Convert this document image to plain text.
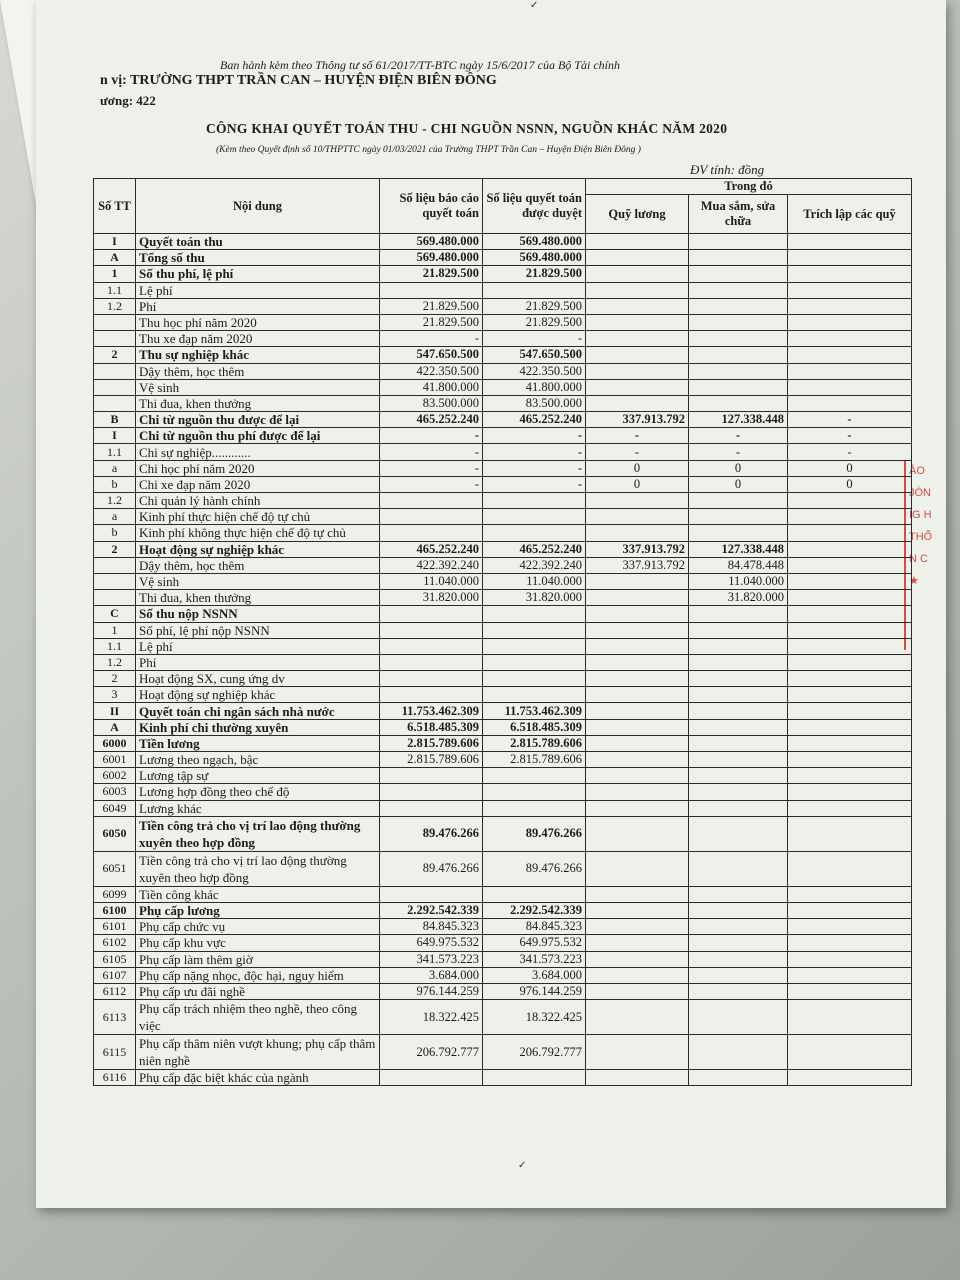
✓
ÀO
JÒN
IG H
THỐ
N C
★
✓
Ban hành kèm theo Thông tư số 61/2017/TT-BTC ngày 15/6/2017 của Bộ Tài chính
n vị: TRƯỜNG THPT TRẦN CAN – HUYỆN ĐIỆN BIÊN ĐÔNG
ương: 422
CÔNG KHAI QUYẾT TOÁN THU - CHI NGUỒN NSNN, NGUỒN KHÁC NĂM 2020
(Kèm theo Quyết định số 10/THPTTC ngày 01/03/2021 của Trường THPT Trần Can – Huyện Điện Biên Đông )
ĐV tính: đồng
Số TT	Nội dung	Số liệu báo cáo quyết toán	Số liệu quyết toán được duyệt	Trong đó		
				Quỹ lương	Mua sắm, sửa chữa	Trích lập các quỹ
I	Quyết toán thu	569.480.000	569.480.000			
A	Tổng số thu	569.480.000	569.480.000			
1	Số thu phí, lệ phí	21.829.500	21.829.500			
1.1	Lệ phí					
1.2	Phí	21.829.500	21.829.500			
	Thu học phí năm 2020	21.829.500	21.829.500			
	Thu xe đạp năm 2020	-	-			
2	Thu sự nghiệp khác	547.650.500	547.650.500			
	Dậy thêm, học thêm	422.350.500	422.350.500			
	Vệ sinh	41.800.000	41.800.000			
	Thi đua, khen thưởng	83.500.000	83.500.000			
B	Chi từ nguồn thu được để lại	465.252.240	465.252.240	337.913.792	127.338.448	-
I	Chi từ nguồn thu phí được để lại	-	-	-	-	-
1.1	Chi sự nghiệp............	-	-	-	-	-
a	Chi học phí năm 2020	-	-	0	0	0
b	Chi xe đạp năm 2020	-	-	0	0	0
1.2	Chi quản lý hành chính					
a	Kinh phí thực hiện chế độ tự chủ					
b	Kinh phí không thực hiện chế độ tự chủ					
2	Hoạt động sự nghiệp khác	465.252.240	465.252.240	337.913.792	127.338.448	
	Dậy thêm, học thêm	422.392.240	422.392.240	337.913.792	84.478.448	
	Vệ sinh	11.040.000	11.040.000		11.040.000	
	Thi đua, khen thưởng	31.820.000	31.820.000		31.820.000	
C	Số thu nộp NSNN					
1	Số phí, lệ phí nộp NSNN					
1.1	Lệ phí					
1.2	Phí					
2	Hoạt động SX, cung ứng dv					
3	Hoạt động sự nghiệp khác					
II	Quyết toán chi ngân sách nhà nước	11.753.462.309	11.753.462.309			
A	Kinh phí chi thường xuyên	6.518.485.309	6.518.485.309			
6000	Tiền lương	2.815.789.606	2.815.789.606			
6001	Lương theo ngạch, bậc	2.815.789.606	2.815.789.606			
6002	Lương tập sự					
6003	Lương hợp đồng theo chế độ					
6049	Lương khác					
6050	Tiền công trả cho vị trí lao động thường xuyên theo hợp đồng	89.476.266	89.476.266			
6051	Tiền công trả cho vị trí lao động thường xuyên theo hợp đồng	89.476.266	89.476.266			
6099	Tiền công khác					
6100	Phụ cấp lương	2.292.542.339	2.292.542.339			
6101	Phụ cấp chức vụ	84.845.323	84.845.323			
6102	Phụ cấp khu vực	649.975.532	649.975.532			
6105	Phụ cấp làm thêm giờ	341.573.223	341.573.223			
6107	Phụ cấp nặng nhọc, độc hại, nguy hiểm	3.684.000	3.684.000			
6112	Phụ cấp ưu đãi nghề	976.144.259	976.144.259			
6113	Phụ cấp trách nhiệm theo nghề, theo công việc	18.322.425	18.322.425			
6115	Phụ cấp thâm niên vượt khung; phụ cấp thâm niên nghề	206.792.777	206.792.777			
6116	Phụ cấp đặc biệt khác của ngành					
